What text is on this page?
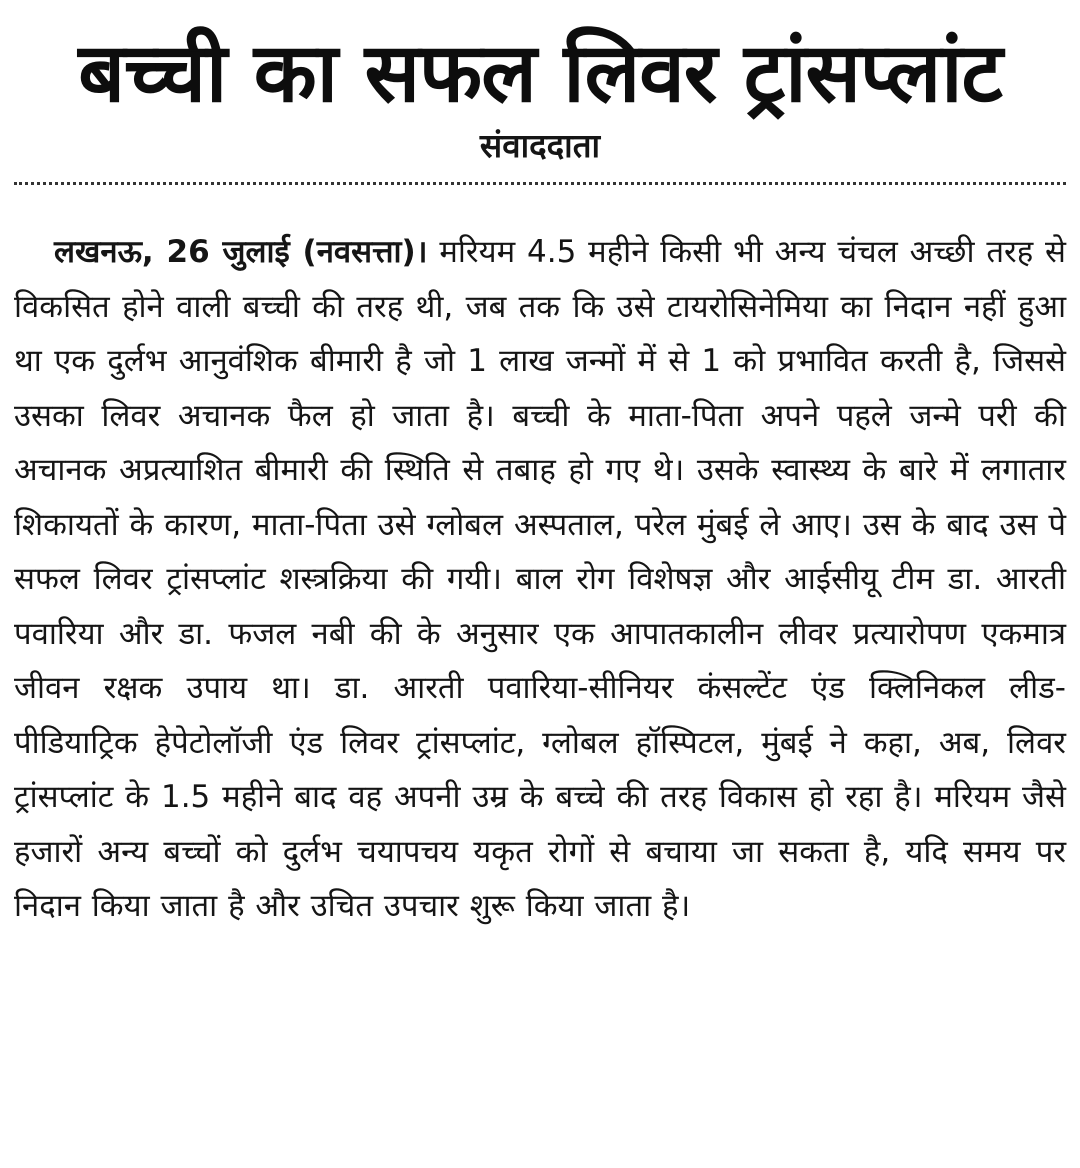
बच्ची का सफल लिवर ट्रांसप्लांट
संवाददाता

लखनऊ, 26 जुलाई (नवसत्ता)। मरियम 4.5 महीने किसी भी अन्य चंचल अच्छी तरह से विकसित होने वाली बच्ची की तरह थी, जब तक कि उसे टायरोसिनेमिया का निदान नहीं हुआ था एक दुर्लभ आनुवंशिक बीमारी है जो 1 लाख जन्मों में से 1 को प्रभावित करती है, जिससे उसका लिवर अचानक फैल हो जाता है। बच्ची के माता-पिता अपने पहले जन्मे परी की अचानक अप्रत्याशित बीमारी की स्थिति से तबाह हो गए थे। उसके स्वास्थ्य के बारे में लगातार शिकायतों के कारण, माता-पिता उसे ग्लोबल अस्पताल, परेल मुंबई ले आए। उस के बाद उस पे सफल लिवर ट्रांसप्लांट शस्त्रक्रिया की गयी। बाल रोग विशेषज्ञ और आईसीयू टीम डा. आरती पवारिया और डा. फजल नबी की के अनुसार एक आपातकालीन लीवर प्रत्यारोपण एकमात्र जीवन रक्षक उपाय था। डा. आरती पवारिया-सीनियर कंसल्टेंट एंड क्लिनिकल लीड- पीडियाट्रिक हेपेटोलॉजी एंड लिवर ट्रांसप्लांट, ग्लोबल हॉस्पिटल, मुंबई ने कहा, अब, लिवर ट्रांसप्लांट के 1.5 महीने बाद वह अपनी उम्र के बच्चे की तरह विकास हो रहा है। मरियम जैसे हजारों अन्य बच्चों को दुर्लभ चयापचय यकृत रोगों से बचाया जा सकता है, यदि समय पर निदान किया जाता है और उचित उपचार शुरू किया जाता है।
